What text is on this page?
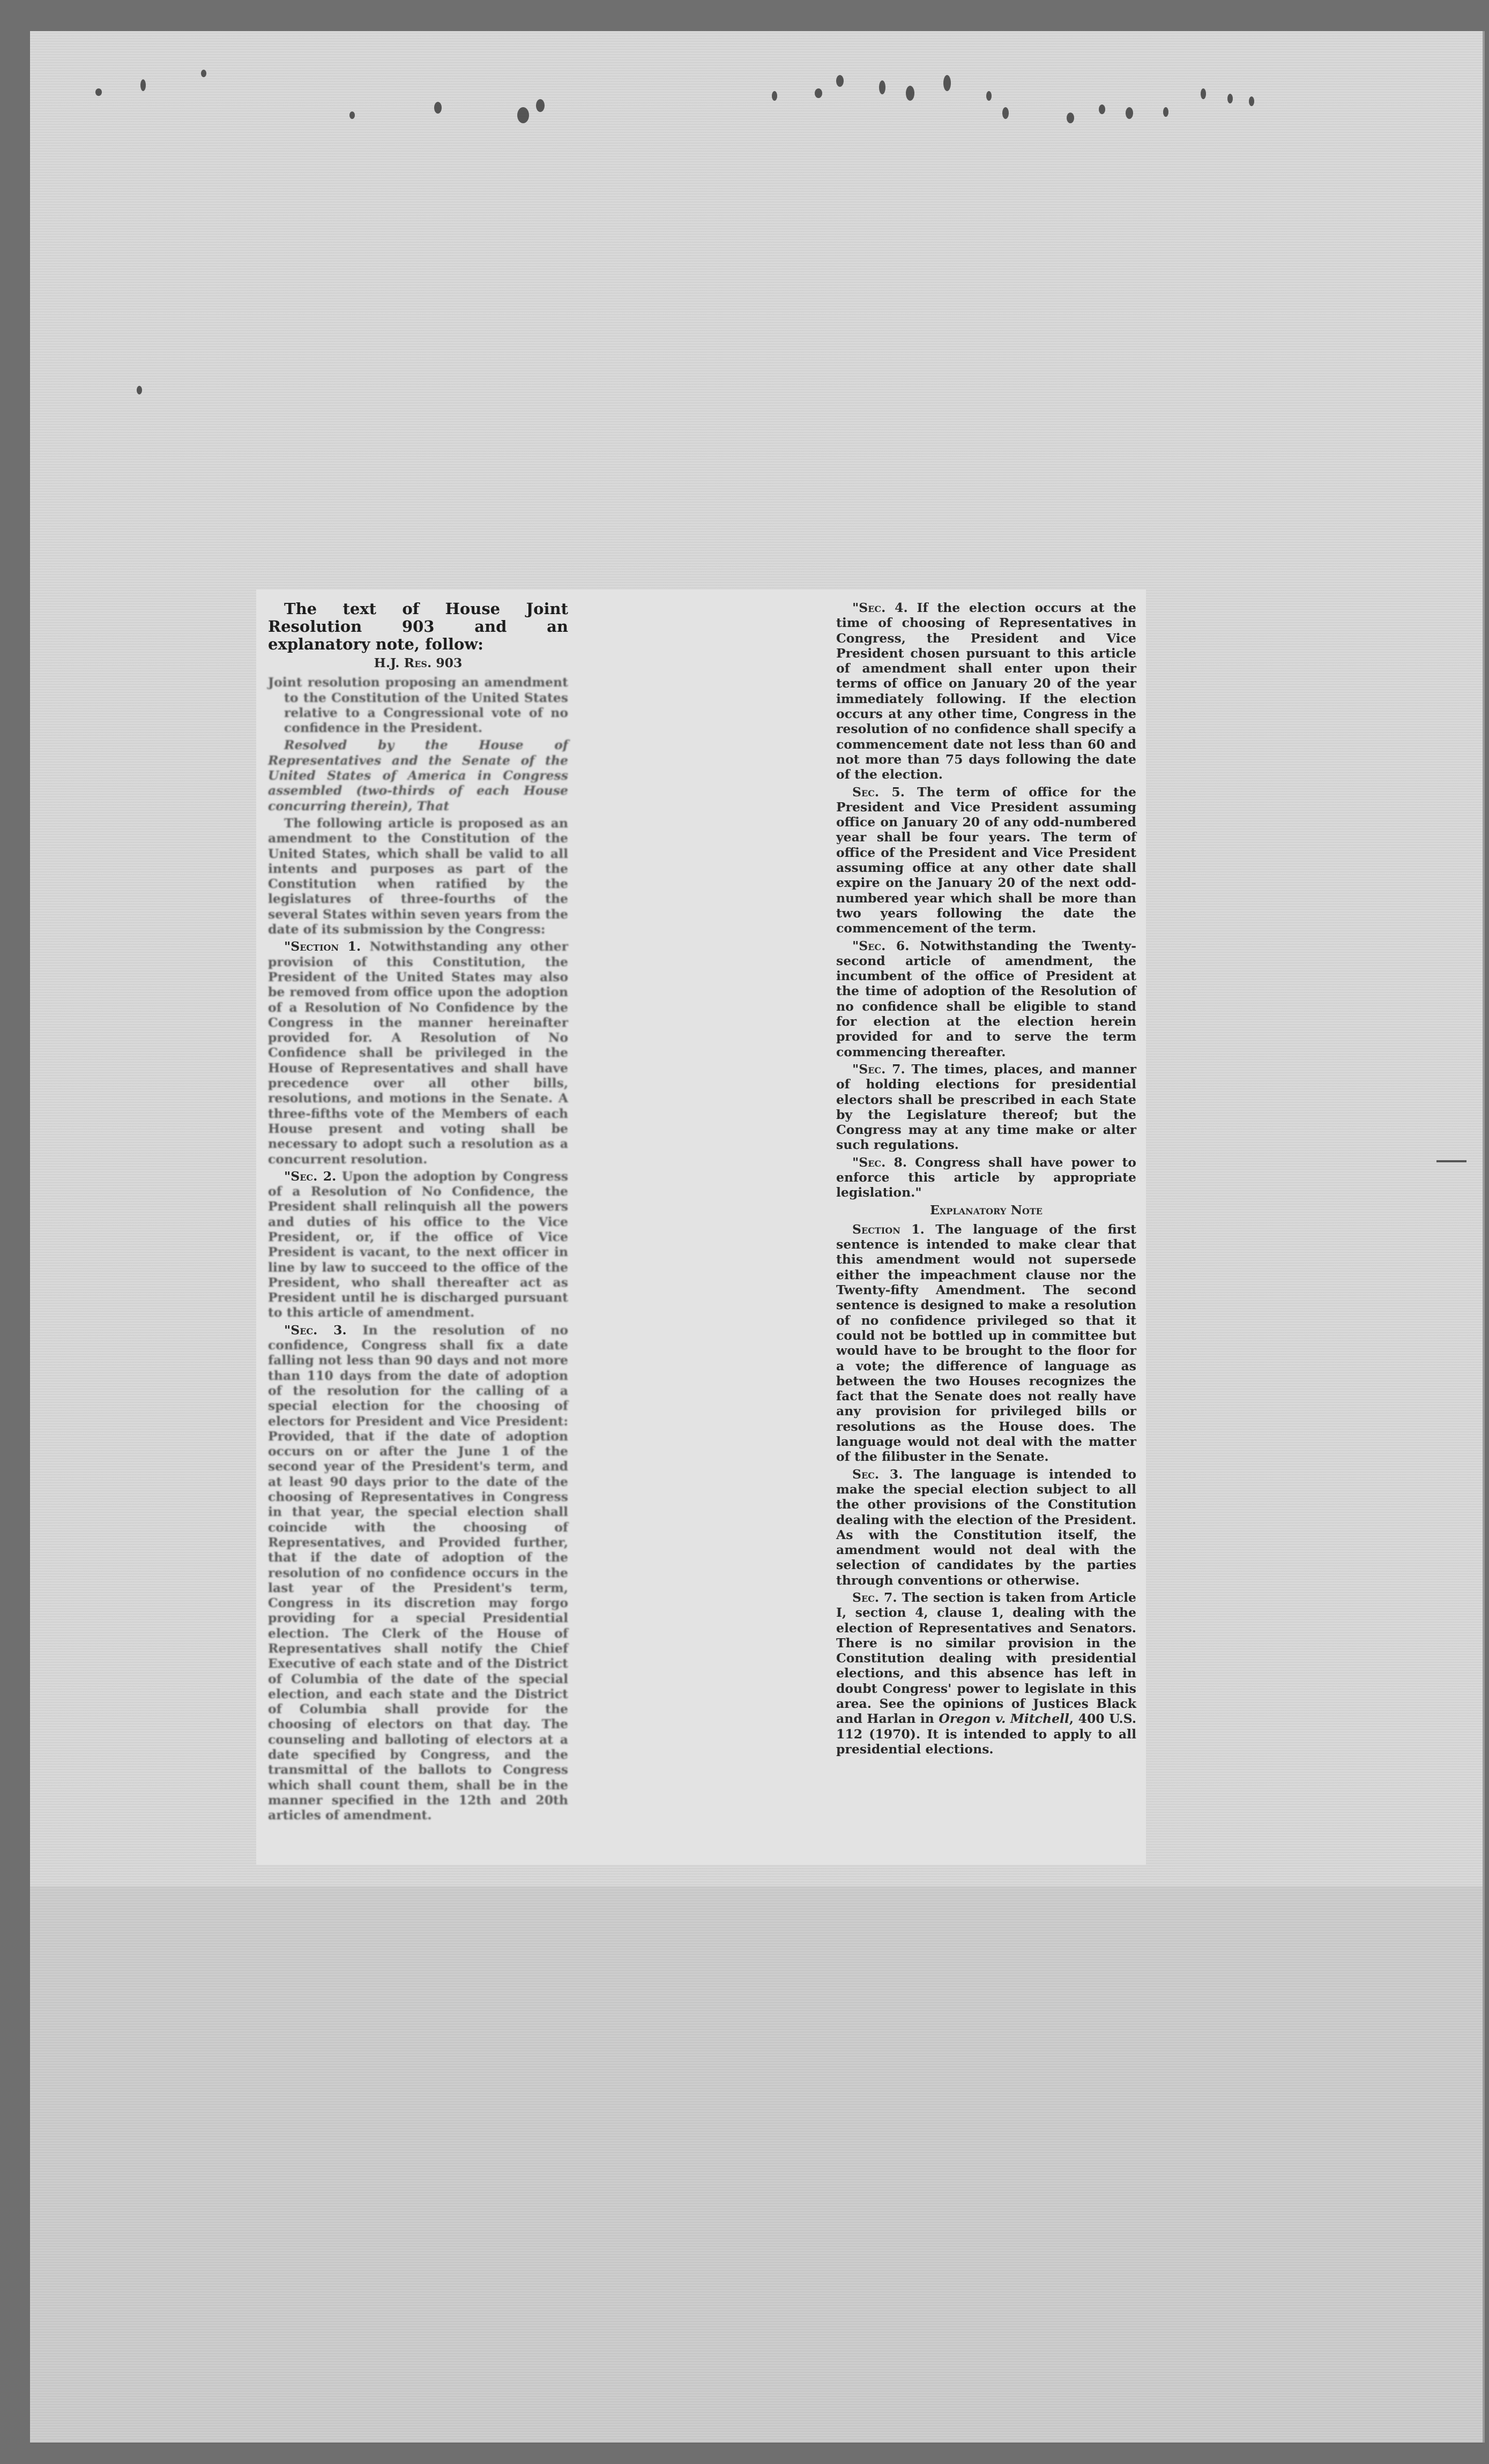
The text of House Joint Resolution 903 and an explanatory note, follow:

H.J. Res. 903

Joint resolution proposing an amendment to the Constitution of the United States relative to a Congressional vote of no confidence in the President.

Resolved by the House of Representatives and the Senate of the United States of America in Congress assembled (two-thirds of each House concurring therein), That

The following article is proposed as an amendment to the Constitution of the United States, which shall be valid to all intents and purposes as part of the Constitution when ratified by the legislatures of three-fourths of the several States within seven years from the date of its submission by the Congress:

"Section 1. Notwithstanding any other provision of this Constitution, the President of the United States may also be removed from office upon the adoption of a Resolution of No Confidence by the Congress in the manner hereinafter provided for. A Resolution of No Confidence shall be privileged in the House of Representatives and shall have precedence over all other bills, resolutions, and motions in the Senate. A three-fifths vote of the Members of each House present and voting shall be necessary to adopt such a resolution as a concurrent resolution.

"Sec. 2. Upon the adoption by Congress of a Resolution of No Confidence, the President shall relinquish all the powers and duties of his office to the Vice President, or, if the office of Vice President is vacant, to the next officer in line by law to succeed to the office of the President, who shall thereafter act as President until he is discharged pursuant to this article of amendment.

"Sec. 3. In the resolution of no confidence, Congress shall fix a date falling not less than 90 days and not more than 110 days from the date of adoption of the resolution for the calling of a special election for the choosing of electors for President and Vice President: Provided, that if the date of adoption occurs on or after the June 1 of the second year of the President's term, and at least 90 days prior to the date of the choosing of Representatives in Congress in that year, the special election shall coincide with the choosing of Representatives, and Provided further, that if the date of adoption of the resolution of no confidence occurs in the last year of the President's term, Congress in its discretion may forgo providing for a special Presidential election. The Clerk of the House of Representatives shall notify the Chief Executive of each state and of the District of Columbia of the date of the special election, and each state and the District of Columbia shall provide for the choosing of electors on that day. The counseling and balloting of electors at a date specified by Congress, and the transmittal of the ballots to Congress which shall count them, shall be in the manner specified in the 12th and 20th articles of amendment.

"Sec. 4. If the election occurs at the time of choosing of Representatives in Congress, the President and Vice President chosen pursuant to this article of amendment shall enter upon their terms of office on January 20 of the year immediately following. If the election occurs at any other time, Congress in the resolution of no confidence shall specify a commencement date not less than 60 and not more than 75 days following the date of the election.

Sec. 5. The term of office for the President and Vice President assuming office on January 20 of any odd-numbered year shall be four years. The term of office of the President and Vice President assuming office at any other date shall expire on the January 20 of the next odd-numbered year which shall be more than two years following the date the commencement of the term.

"Sec. 6. Notwithstanding the Twenty-second article of amendment, the incumbent of the office of President at the time of adoption of the Resolution of no confidence shall be eligible to stand for election at the election herein provided for and to serve the term commencing thereafter.

"Sec. 7. The times, places, and manner of holding elections for presidential electors shall be prescribed in each State by the Legislature thereof; but the Congress may at any time make or alter such regulations.

"Sec. 8. Congress shall have power to enforce this article by appropriate legislation."

Explanatory Note

Section 1. The language of the first sentence is intended to make clear that this amendment would not supersede either the impeachment clause nor the Twenty-fifty Amendment. The second sentence is designed to make a resolution of no confidence privileged so that it could not be bottled up in committee but would have to be brought to the floor for a vote; the difference of language as between the two Houses recognizes the fact that the Senate does not really have any provision for privileged bills or resolutions as the House does. The language would not deal with the matter of the filibuster in the Senate.

Sec. 3. The language is intended to make the special election subject to all the other provisions of the Constitution dealing with the election of the President. As with the Constitution itself, the amendment would not deal with the selection of candidates by the parties through conventions or otherwise.

Sec. 7. The section is taken from Article I, section 4, clause 1, dealing with the election of Representatives and Senators. There is no similar provision in the Constitution dealing with presidential elections, and this absence has left in doubt Congress' power to legislate in this area. See the opinions of Justices Black and Harlan in Oregon v. Mitchell, 400 U.S. 112 (1970). It is intended to apply to all presidential elections.
